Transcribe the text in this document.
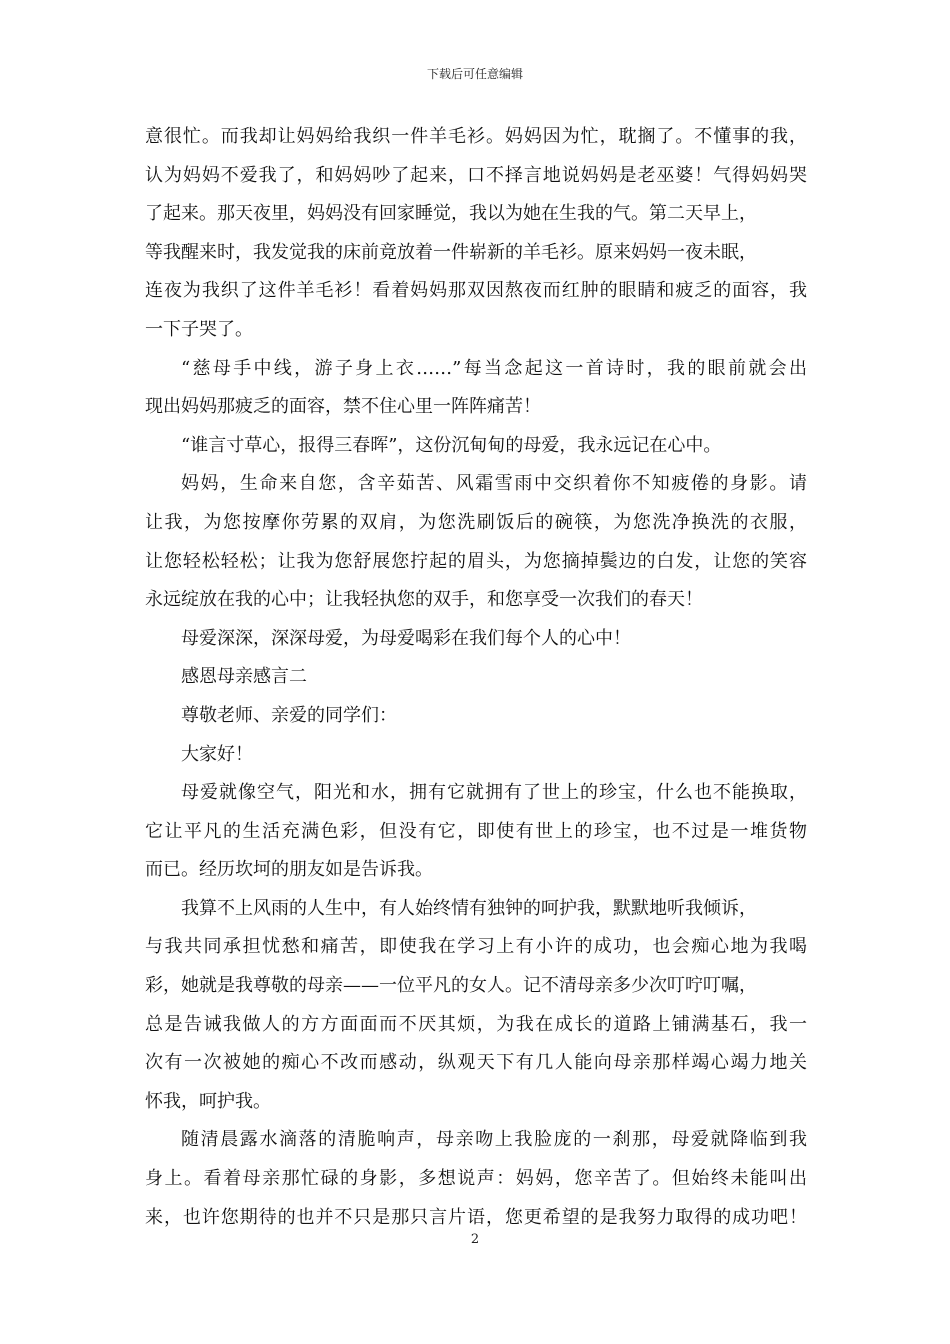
下载后可任意编辑
意很忙。而我却让妈妈给我织一件羊毛衫。妈妈因为忙，耽搁了。不懂事的我，
认为妈妈不爱我了，和妈妈吵了起来，口不择言地说妈妈是老巫婆！气得妈妈哭
了起来。那天夜里，妈妈没有回家睡觉，我以为她在生我的气。第二天早上，
等我醒来时，我发觉我的床前竟放着一件崭新的羊毛衫。原来妈妈一夜未眠，
连夜为我织了这件羊毛衫！看着妈妈那双因熬夜而红肿的眼睛和疲乏的面容，我
一下子哭了。
“慈母手中线，游子身上衣……”每当念起这一首诗时，我的眼前就会出
现出妈妈那疲乏的面容，禁不住心里一阵阵痛苦！
“谁言寸草心，报得三春晖”，这份沉甸甸的母爱，我永远记在心中。
妈妈，生命来自您，含辛茹苦、风霜雪雨中交织着你不知疲倦的身影。请
让我，为您按摩你劳累的双肩，为您洗刷饭后的碗筷，为您洗净换洗的衣服，
让您轻松轻松；让我为您舒展您拧起的眉头，为您摘掉鬓边的白发，让您的笑容
永远绽放在我的心中；让我轻执您的双手，和您享受一次我们的春天！
母爱深深，深深母爱，为母爱喝彩在我们每个人的心中！
感恩母亲感言二
尊敬老师、亲爱的同学们：
大家好！
母爱就像空气，阳光和水，拥有它就拥有了世上的珍宝，什么也不能换取，
它让平凡的生活充满色彩，但没有它，即使有世上的珍宝，也不过是一堆货物
而已。经历坎坷的朋友如是告诉我。
我算不上风雨的人生中，有人始终情有独钟的呵护我，默默地听我倾诉，
与我共同承担忧愁和痛苦，即使我在学习上有小许的成功，也会痴心地为我喝
彩，她就是我尊敬的母亲——一位平凡的女人。记不清母亲多少次叮咛叮嘱，
总是告诫我做人的方方面面而不厌其烦，为我在成长的道路上铺满基石，我一
次有一次被她的痴心不改而感动，纵观天下有几人能向母亲那样竭心竭力地关
怀我，呵护我。
随清晨露水滴落的清脆响声，母亲吻上我脸庞的一刹那，母爱就降临到我
身上。看着母亲那忙碌的身影，多想说声：妈妈，您辛苦了。但始终未能叫出
来，也许您期待的也并不只是那只言片语，您更希望的是我努力取得的成功吧！
2
